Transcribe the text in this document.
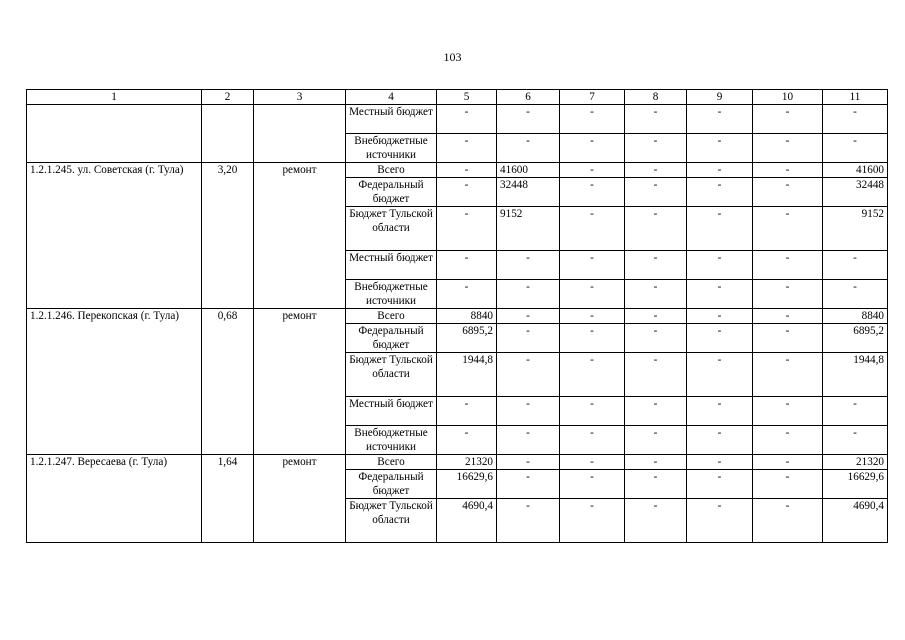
103
1	2	3	4	5	6	7	8	9	10	11
			Местный бюджет	-	-	-	-	-	-	-
			Внебюджетные источники	-	-	-	-	-	-	-

1.2.1.245. ул. Советская (г. Тула)	3,20	ремонт	Всего	-	41600	-	-	-	-	41600
			Федеральный бюджет	-	32448	-	-	-	-	32448
			Бюджет Тульской области	-	9152	-	-	-	-	9152
			Местный бюджет	-	-	-	-	-	-	-
			Внебюджетные источники	-	-	-	-	-	-	-

1.2.1.246. Перекопская (г. Тула)	0,68	ремонт	Всего	8840	-	-	-	-	-	8840
			Федеральный бюджет	6895,2	-	-	-	-	-	6895,2
			Бюджет Тульской области	1944,8	-	-	-	-	-	1944,8
			Местный бюджет	-	-	-	-	-	-	-
			Внебюджетные источники	-	-	-	-	-	-	-

1.2.1.247. Вересаева (г. Тула)	1,64	ремонт	Всего	21320	-	-	-	-	-	21320
			Федеральный бюджет	16629,6	-	-	-	-	-	16629,6
			Бюджет Тульской области	4690,4	-	-	-	-	-	4690,4
